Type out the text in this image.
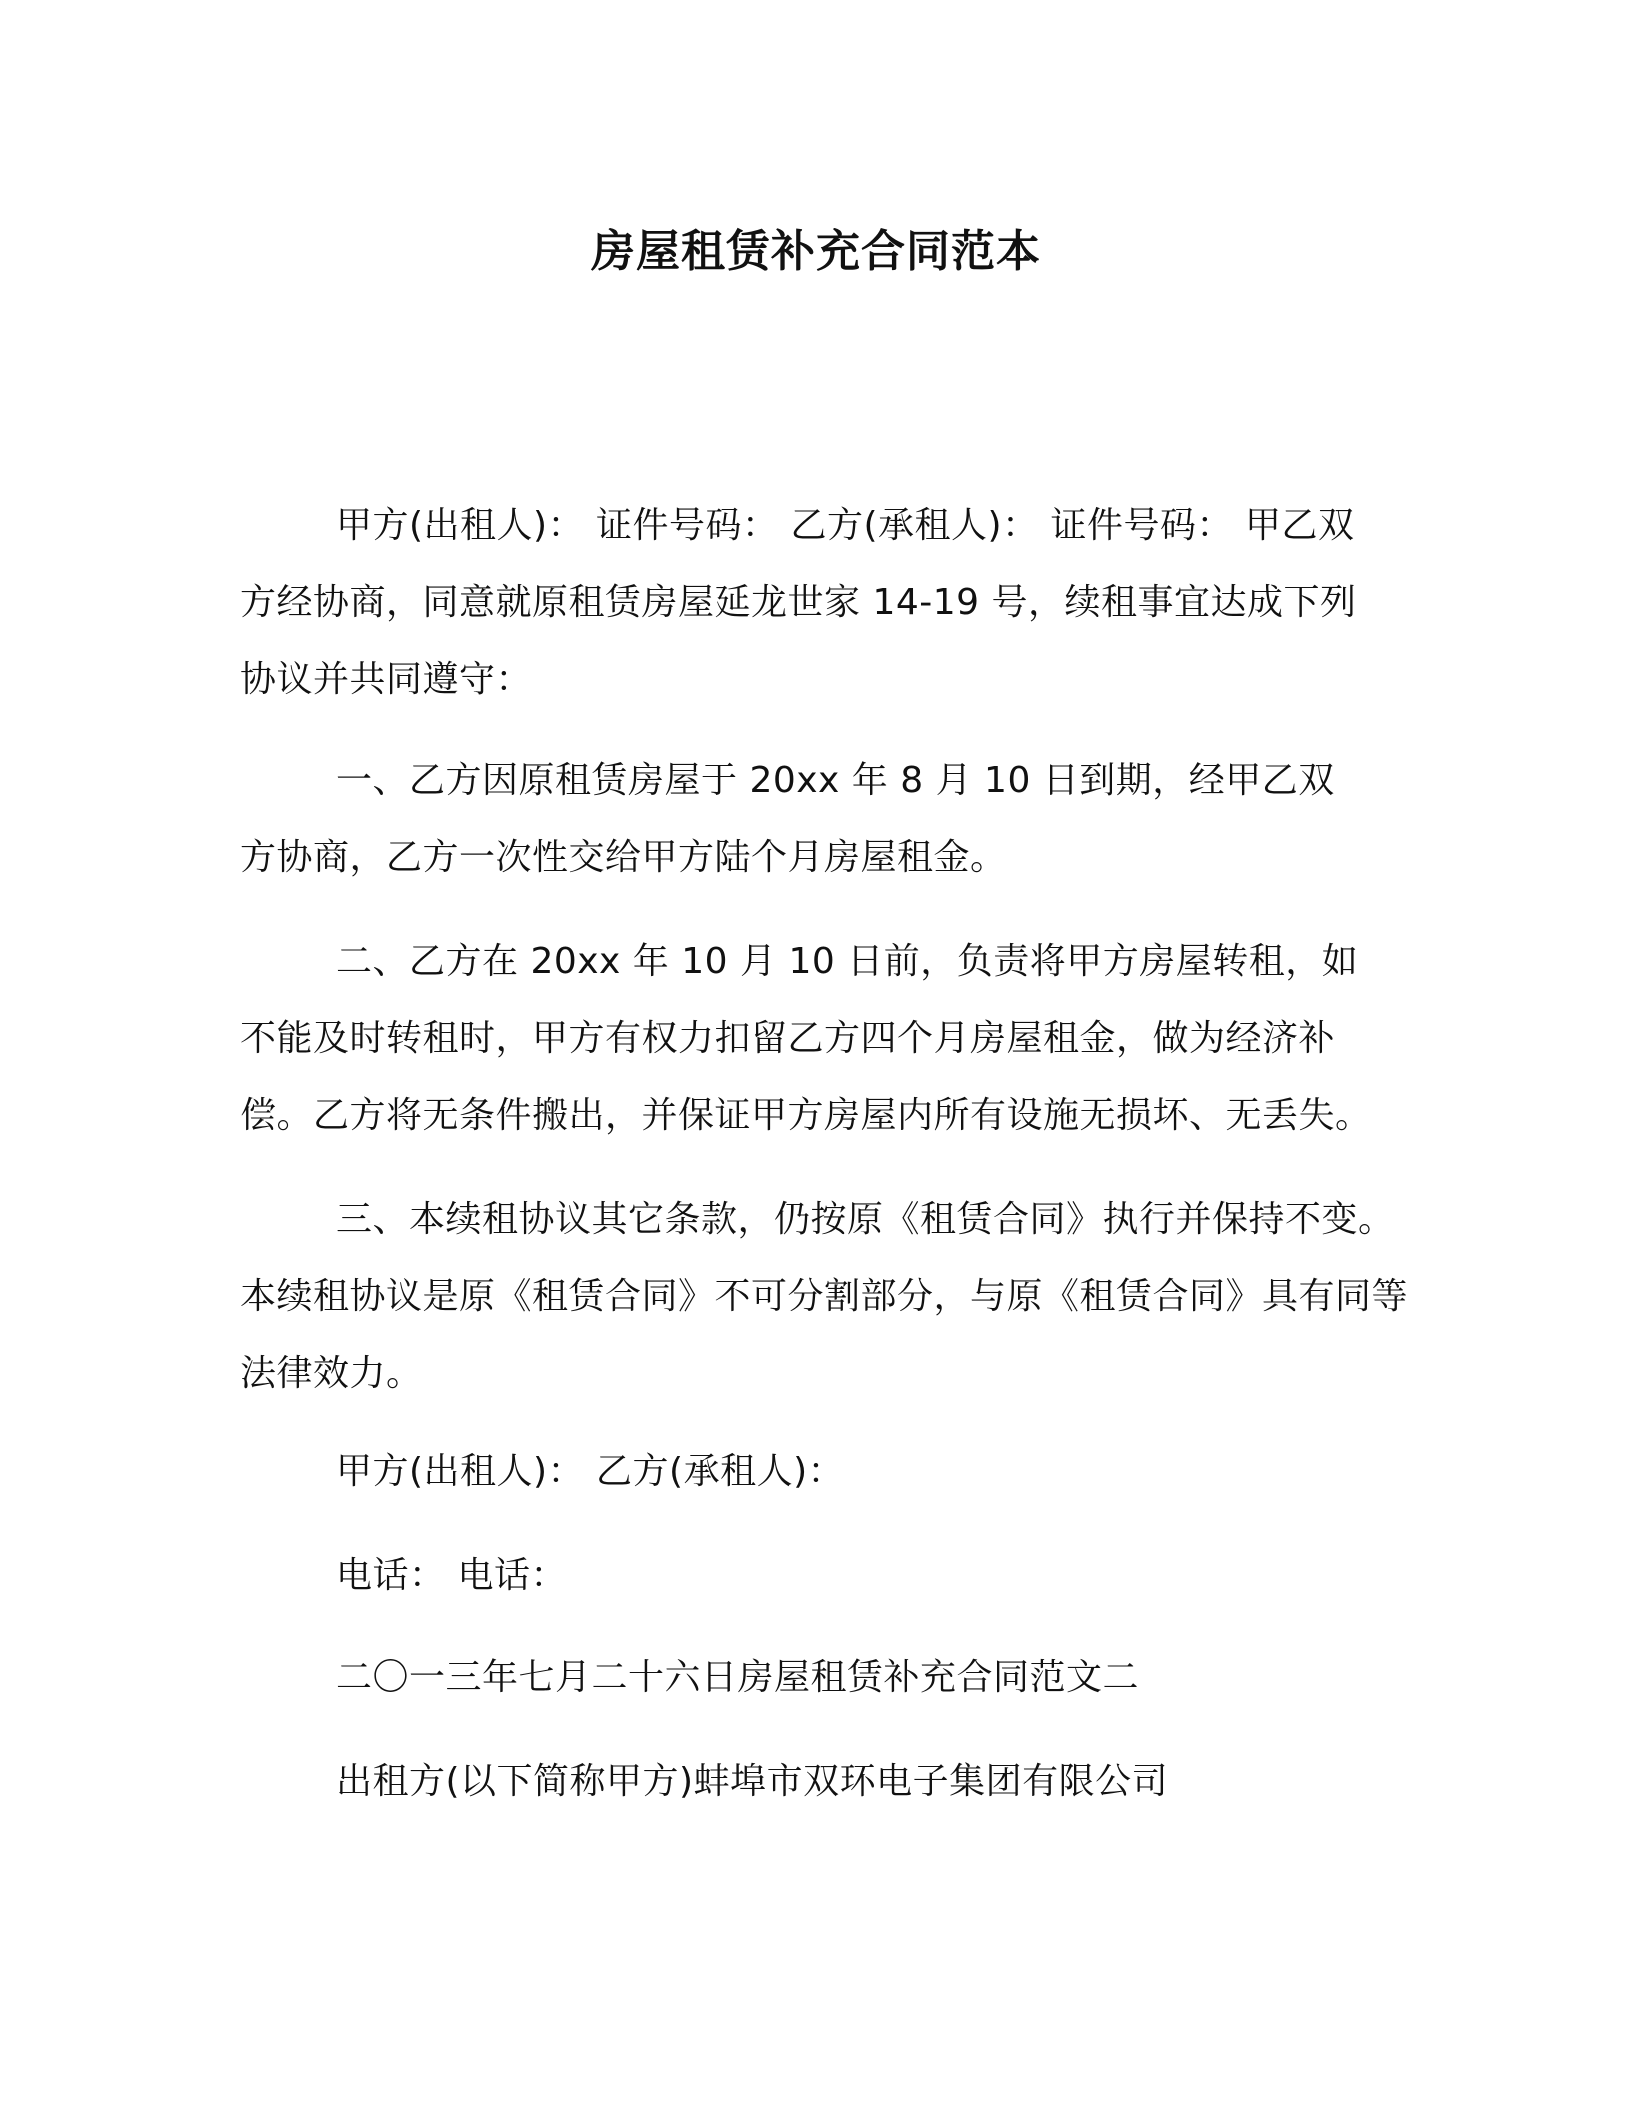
房屋租赁补充合同范本

甲方(出租人)： 证件号码： 乙方(承租人)： 证件号码： 甲乙双方经协商，同意就原租赁房屋延龙世家 14-19 号，续租事宜达成下列协议并共同遵守：

一、乙方因原租赁房屋于 20xx 年 8 月 10 日到期，经甲乙双方协商，乙方一次性交给甲方陆个月房屋租金。

二、乙方在 20xx 年 10 月 10 日前，负责将甲方房屋转租，如不能及时转租时，甲方有权力扣留乙方四个月房屋租金，做为经济补偿。乙方将无条件搬出，并保证甲方房屋内所有设施无损坏、无丢失。

三、本续租协议其它条款，仍按原《租赁合同》执行并保持不变。本续租协议是原《租赁合同》不可分割部分，与原《租赁合同》具有同等法律效力。

甲方(出租人)： 乙方(承租人)：

电话： 电话：

二〇一三年七月二十六日房屋租赁补充合同范文二

出租方(以下简称甲方)蚌埠市双环电子集团有限公司
